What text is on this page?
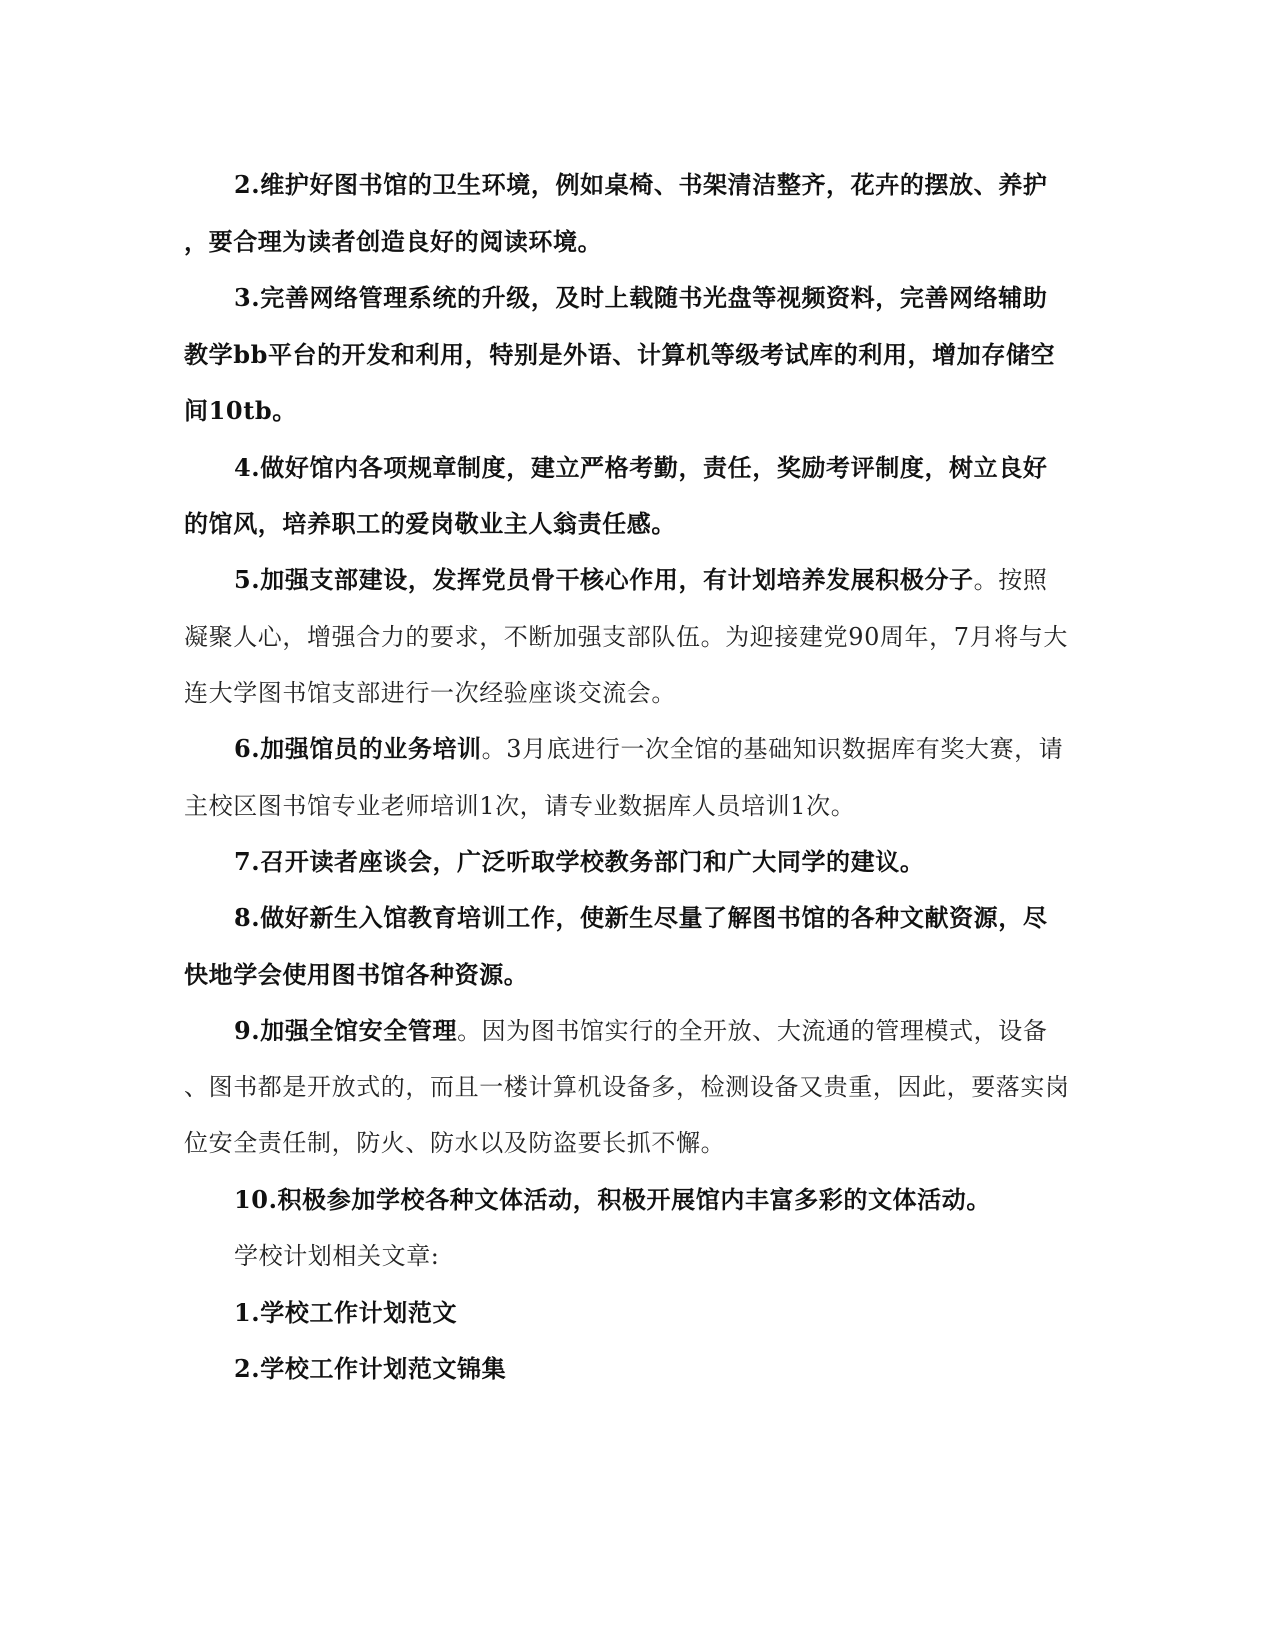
2.维护好图书馆的卫生环境，例如桌椅、书架清洁整齐，花卉的摆放、养护
，要合理为读者创造良好的阅读环境。
3.完善网络管理系统的升级，及时上载随书光盘等视频资料，完善网络辅助
教学bb平台的开发和利用，特别是外语、计算机等级考试库的利用，增加存储空
间10tb。
4.做好馆内各项规章制度，建立严格考勤，责任，奖励考评制度，树立良好
的馆风，培养职工的爱岗敬业主人翁责任感。
5.加强支部建设，发挥党员骨干核心作用，有计划培养发展积极分子。按照
凝聚人心，增强合力的要求，不断加强支部队伍。为迎接建党90周年，7月将与大
连大学图书馆支部进行一次经验座谈交流会。
6.加强馆员的业务培训。3月底进行一次全馆的基础知识数据库有奖大赛，请
主校区图书馆专业老师培训1次，请专业数据库人员培训1次。
7.召开读者座谈会，广泛听取学校教务部门和广大同学的建议。
8.做好新生入馆教育培训工作，使新生尽量了解图书馆的各种文献资源，尽
快地学会使用图书馆各种资源。
9.加强全馆安全管理。因为图书馆实行的全开放、大流通的管理模式，设备
、图书都是开放式的，而且一楼计算机设备多，检测设备又贵重，因此，要落实岗
位安全责任制，防火、防水以及防盗要长抓不懈。
10.积极参加学校各种文体活动，积极开展馆内丰富多彩的文体活动。
学校计划相关文章:
1.学校工作计划范文
2.学校工作计划范文锦集
